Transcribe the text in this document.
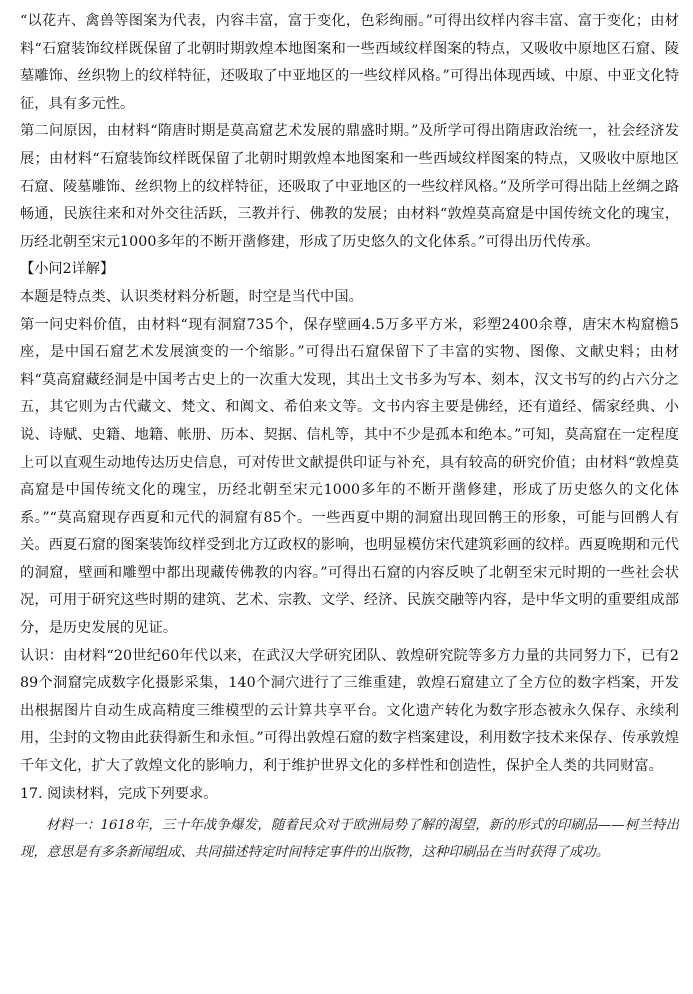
“以花卉、禽兽等图案为代表，内容丰富，富于变化，色彩绚丽。”可得出纹样内容丰富、富于变化；由材料“石窟装饰纹样既保留了北朝时期敦煌本地图案和一些西域纹样图案的特点，又吸收中原地区石窟、陵墓雕饰、丝织物上的纹样特征，还吸取了中亚地区的一些纹样风格。”可得出体现西域、中原、中亚文化特征，具有多元性。

第二问原因，由材料“隋唐时期是莫高窟艺术发展的鼎盛时期。”及所学可得出隋唐政治统一，社会经济发展；由材料“石窟装饰纹样既保留了北朝时期敦煌本地图案和一些西域纹样图案的特点，又吸收中原地区石窟、陵墓雕饰、丝织物上的纹样特征，还吸取了中亚地区的一些纹样风格。”及所学可得出陆上丝绸之路畅通，民族往来和对外交往活跃，三教并行、佛教的发展；由材料“敦煌莫高窟是中国传统文化的瑰宝，历经北朝至宋元1000多年的不断开凿修建，形成了历史悠久的文化体系。”可得出历代传承。

【小问2详解】

本题是特点类、认识类材料分析题，时空是当代中国。

第一问史料价值，由材料“现有洞窟735个，保存壁画4.5万多平方米，彩塑2400余尊，唐宋木构窟檐5座，是中国石窟艺术发展演变的一个缩影。”可得出石窟保留下了丰富的实物、图像、文献史料；由材料“莫高窟藏经洞是中国考古史上的一次重大发现，其出土文书多为写本、刻本，汉文书写的约占六分之五，其它则为古代藏文、梵文、和阗文、希伯来文等。文书内容主要是佛经，还有道经、儒家经典、小说、诗赋、史籍、地籍、帐册、历本、契据、信札等，其中不少是孤本和绝本。”可知，莫高窟在一定程度上可以直观生动地传达历史信息，可对传世文献提供印证与补充，具有较高的研究价值；由材料“敦煌莫高窟是中国传统文化的瑰宝，历经北朝至宋元1000多年的不断开凿修建，形成了历史悠久的文化体系。”“莫高窟现存西夏和元代的洞窟有85个。一些西夏中期的洞窟出现回鹘王的形象，可能与回鹘人有关。西夏石窟的图案装饰纹样受到北方辽政权的影响，也明显模仿宋代建筑彩画的纹样。西夏晚期和元代的洞窟，壁画和雕塑中都出现藏传佛教的内容。”可得出石窟的内容反映了北朝至宋元时期的一些社会状况，可用于研究这些时期的建筑、艺术、宗教、文学、经济、民族交融等内容，是中华文明的重要组成部分，是历史发展的见证。

认识：由材料“20世纪60年代以来，在武汉大学研究团队、敦煌研究院等多方力量的共同努力下，已有289个洞窟完成数字化摄影采集，140个洞穴进行了三维重建，敦煌石窟建立了全方位的数字档案，开发出根据图片自动生成高精度三维模型的云计算共享平台。文化遗产转化为数字形态被永久保存、永续利用，尘封的文物由此获得新生和永恒。”可得出敦煌石窟的数字档案建设，利用数字技术来保存、传承敦煌千年文化，扩大了敦煌文化的影响力，利于维护世界文化的多样性和创造性，保护全人类的共同财富。

17. 阅读材料，完成下列要求。

材料一：1618年，三十年战争爆发，随着民众对于欧洲局势了解的渴望，新的形式的印刷品——柯兰特出现，意思是有多条新闻组成、共同描述特定时间特定事件的出版物，这种印刷品在当时获得了成功。
